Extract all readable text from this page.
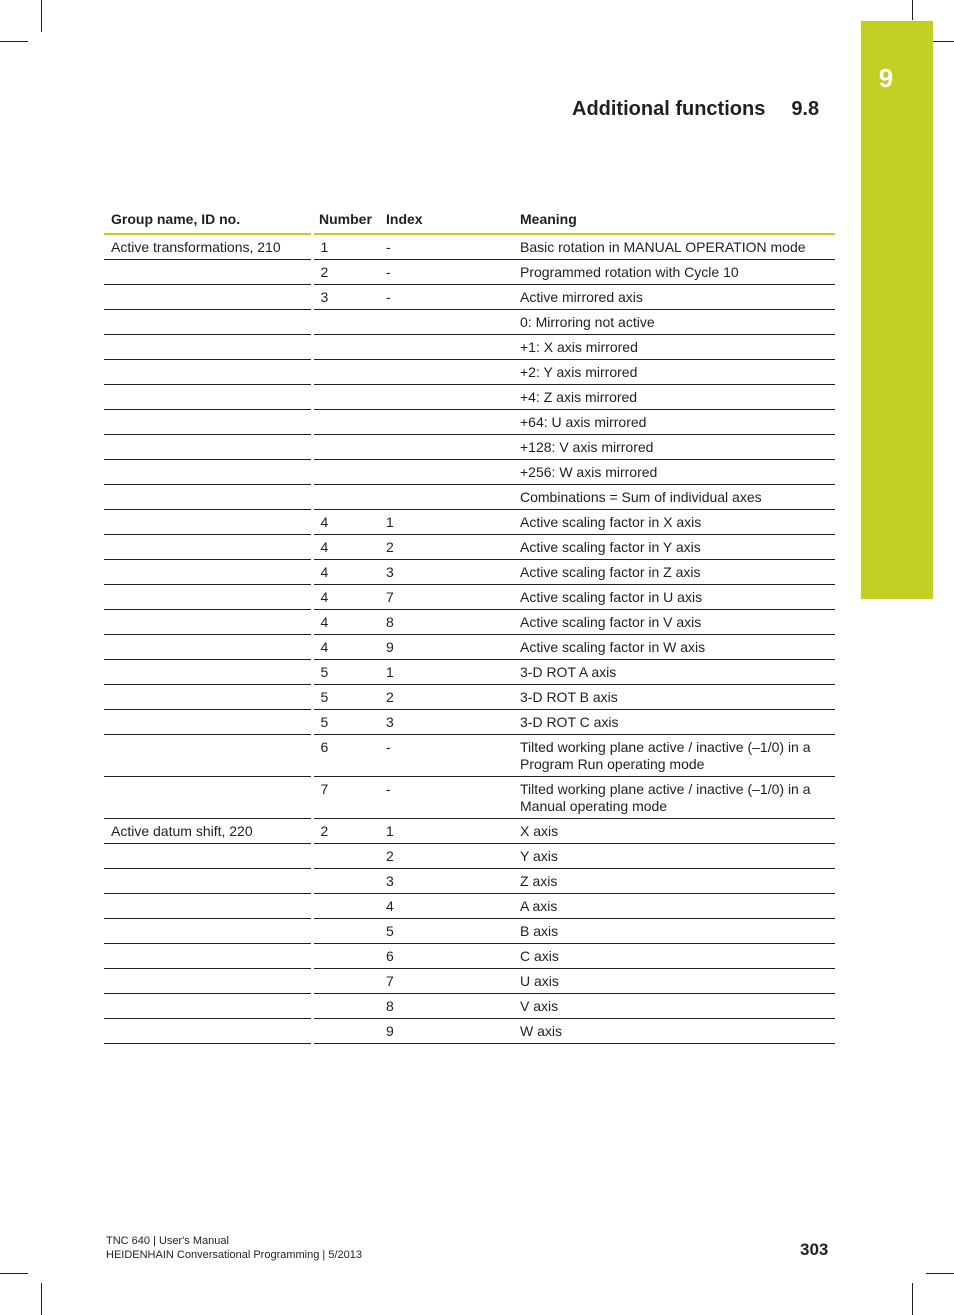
9
Additional functions 9.8
Group name, ID no.	Number	Index	Meaning
Active transformations, 210	1	-	Basic rotation in MANUAL OPERATION mode
	2	-	Programmed rotation with Cycle 10
	3	-	Active mirrored axis
			0: Mirroring not active
			+1: X axis mirrored
			+2: Y axis mirrored
			+4: Z axis mirrored
			+64: U axis mirrored
			+128: V axis mirrored
			+256: W axis mirrored
			Combinations = Sum of individual axes
	4	1	Active scaling factor in X axis
	4	2	Active scaling factor in Y axis
	4	3	Active scaling factor in Z axis
	4	7	Active scaling factor in U axis
	4	8	Active scaling factor in V axis
	4	9	Active scaling factor in W axis
	5	1	3-D ROT A axis
	5	2	3-D ROT B axis
	5	3	3-D ROT C axis
	6	-	Tilted working plane active / inactive (–1/0) in a Program Run operating mode
	7	-	Tilted working plane active / inactive (–1/0) in a Manual operating mode
Active datum shift, 220	2	1	X axis
		2	Y axis
		3	Z axis
		4	A axis
		5	B axis
		6	C axis
		7	U axis
		8	V axis
		9	W axis
TNC 640 | User's Manual
HEIDENHAIN Conversational Programming | 5/2013	303
